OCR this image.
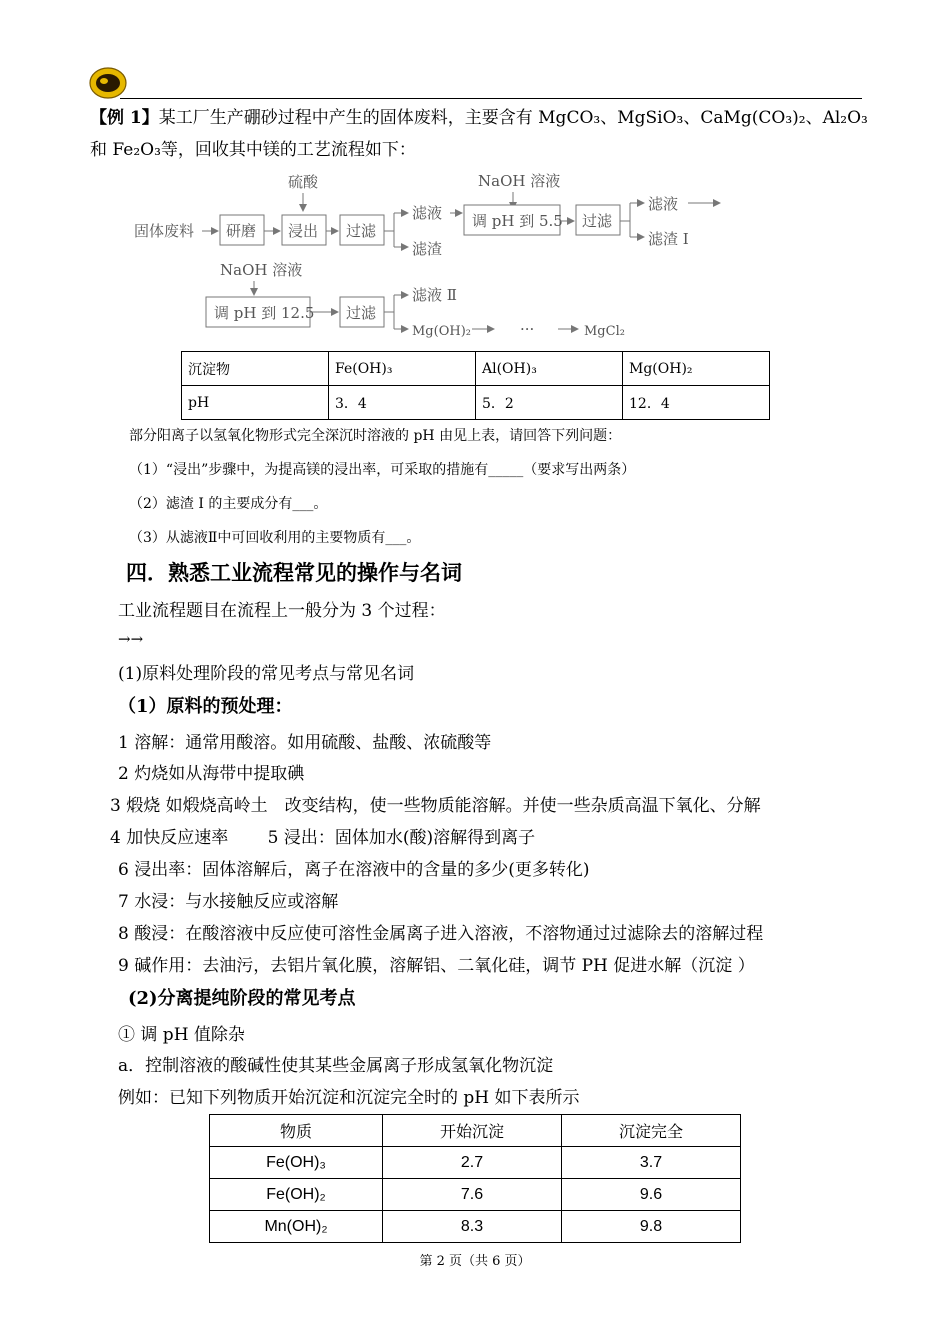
【例 1】某工厂生产硼砂过程中产生的固体废料，主要含有 MgCO₃、MgSiO₃、CaMg(CO₃)₂、Al₂O₃
和 Fe₂O₃等，回收其中镁的工艺流程如下：
硫酸	NaOH 溶液
固体废料 研磨 浸出 过滤
滤液
滤渣
调 pH 到 5.5 过滤
滤液
滤渣 Ⅰ
NaOH 溶液
调 pH 到 12.5 过滤
滤液 Ⅱ
Mg(OH)₂	···	MgCl₂
沉淀物	Fe(OH)₃	Al(OH)₃	Mg(OH)₂
pH	3．4	5．2	12．4
部分阳离子以氢氧化物形式完全深沉时溶液的 pH 由见上表，请回答下列问题：
（1）“浸出”步骤中，为提高镁的浸出率，可采取的措施有_____（要求写出两条）
（2）滤渣 I 的主要成分有___。
（3）从滤液Ⅱ中可回收利用的主要物质有___。
四．熟悉工业流程常见的操作与名词
工业流程题目在流程上一般分为 3 个过程：
→→
(1)原料处理阶段的常见考点与常见名词
（1）原料的预处理：
1 溶解：通常用酸溶。如用硫酸、盐酸、浓硫酸等
2 灼烧如从海带中提取碘
3 煅烧 如煅烧高岭土　改变结构，使一些物质能溶解。并使一些杂质高温下氧化、分解
4 加快反应速率　　 5 浸出：固体加水(酸)溶解得到离子
6 浸出率：固体溶解后，离子在溶液中的含量的多少(更多转化)
7 水浸：与水接触反应或溶解
8 酸浸：在酸溶液中反应使可溶性金属离子进入溶液，不溶物通过过滤除去的溶解过程
9 碱作用：去油污，去铝片氧化膜，溶解铝、二氧化硅，调节 PH 促进水解（沉淀 ）
(2)分离提纯阶段的常见考点
① 调 pH 值除杂
a．控制溶液的酸碱性使其某些金属离子形成氢氧化物沉淀
例如：已知下列物质开始沉淀和沉淀完全时的 pH 如下表所示
物质	开始沉淀	沉淀完全
Fe(OH)₃	2.7	3.7
Fe(OH)₂	7.6	9.6
Mn(OH)₂	8.3	9.8
第 2 页（共 6 页）
